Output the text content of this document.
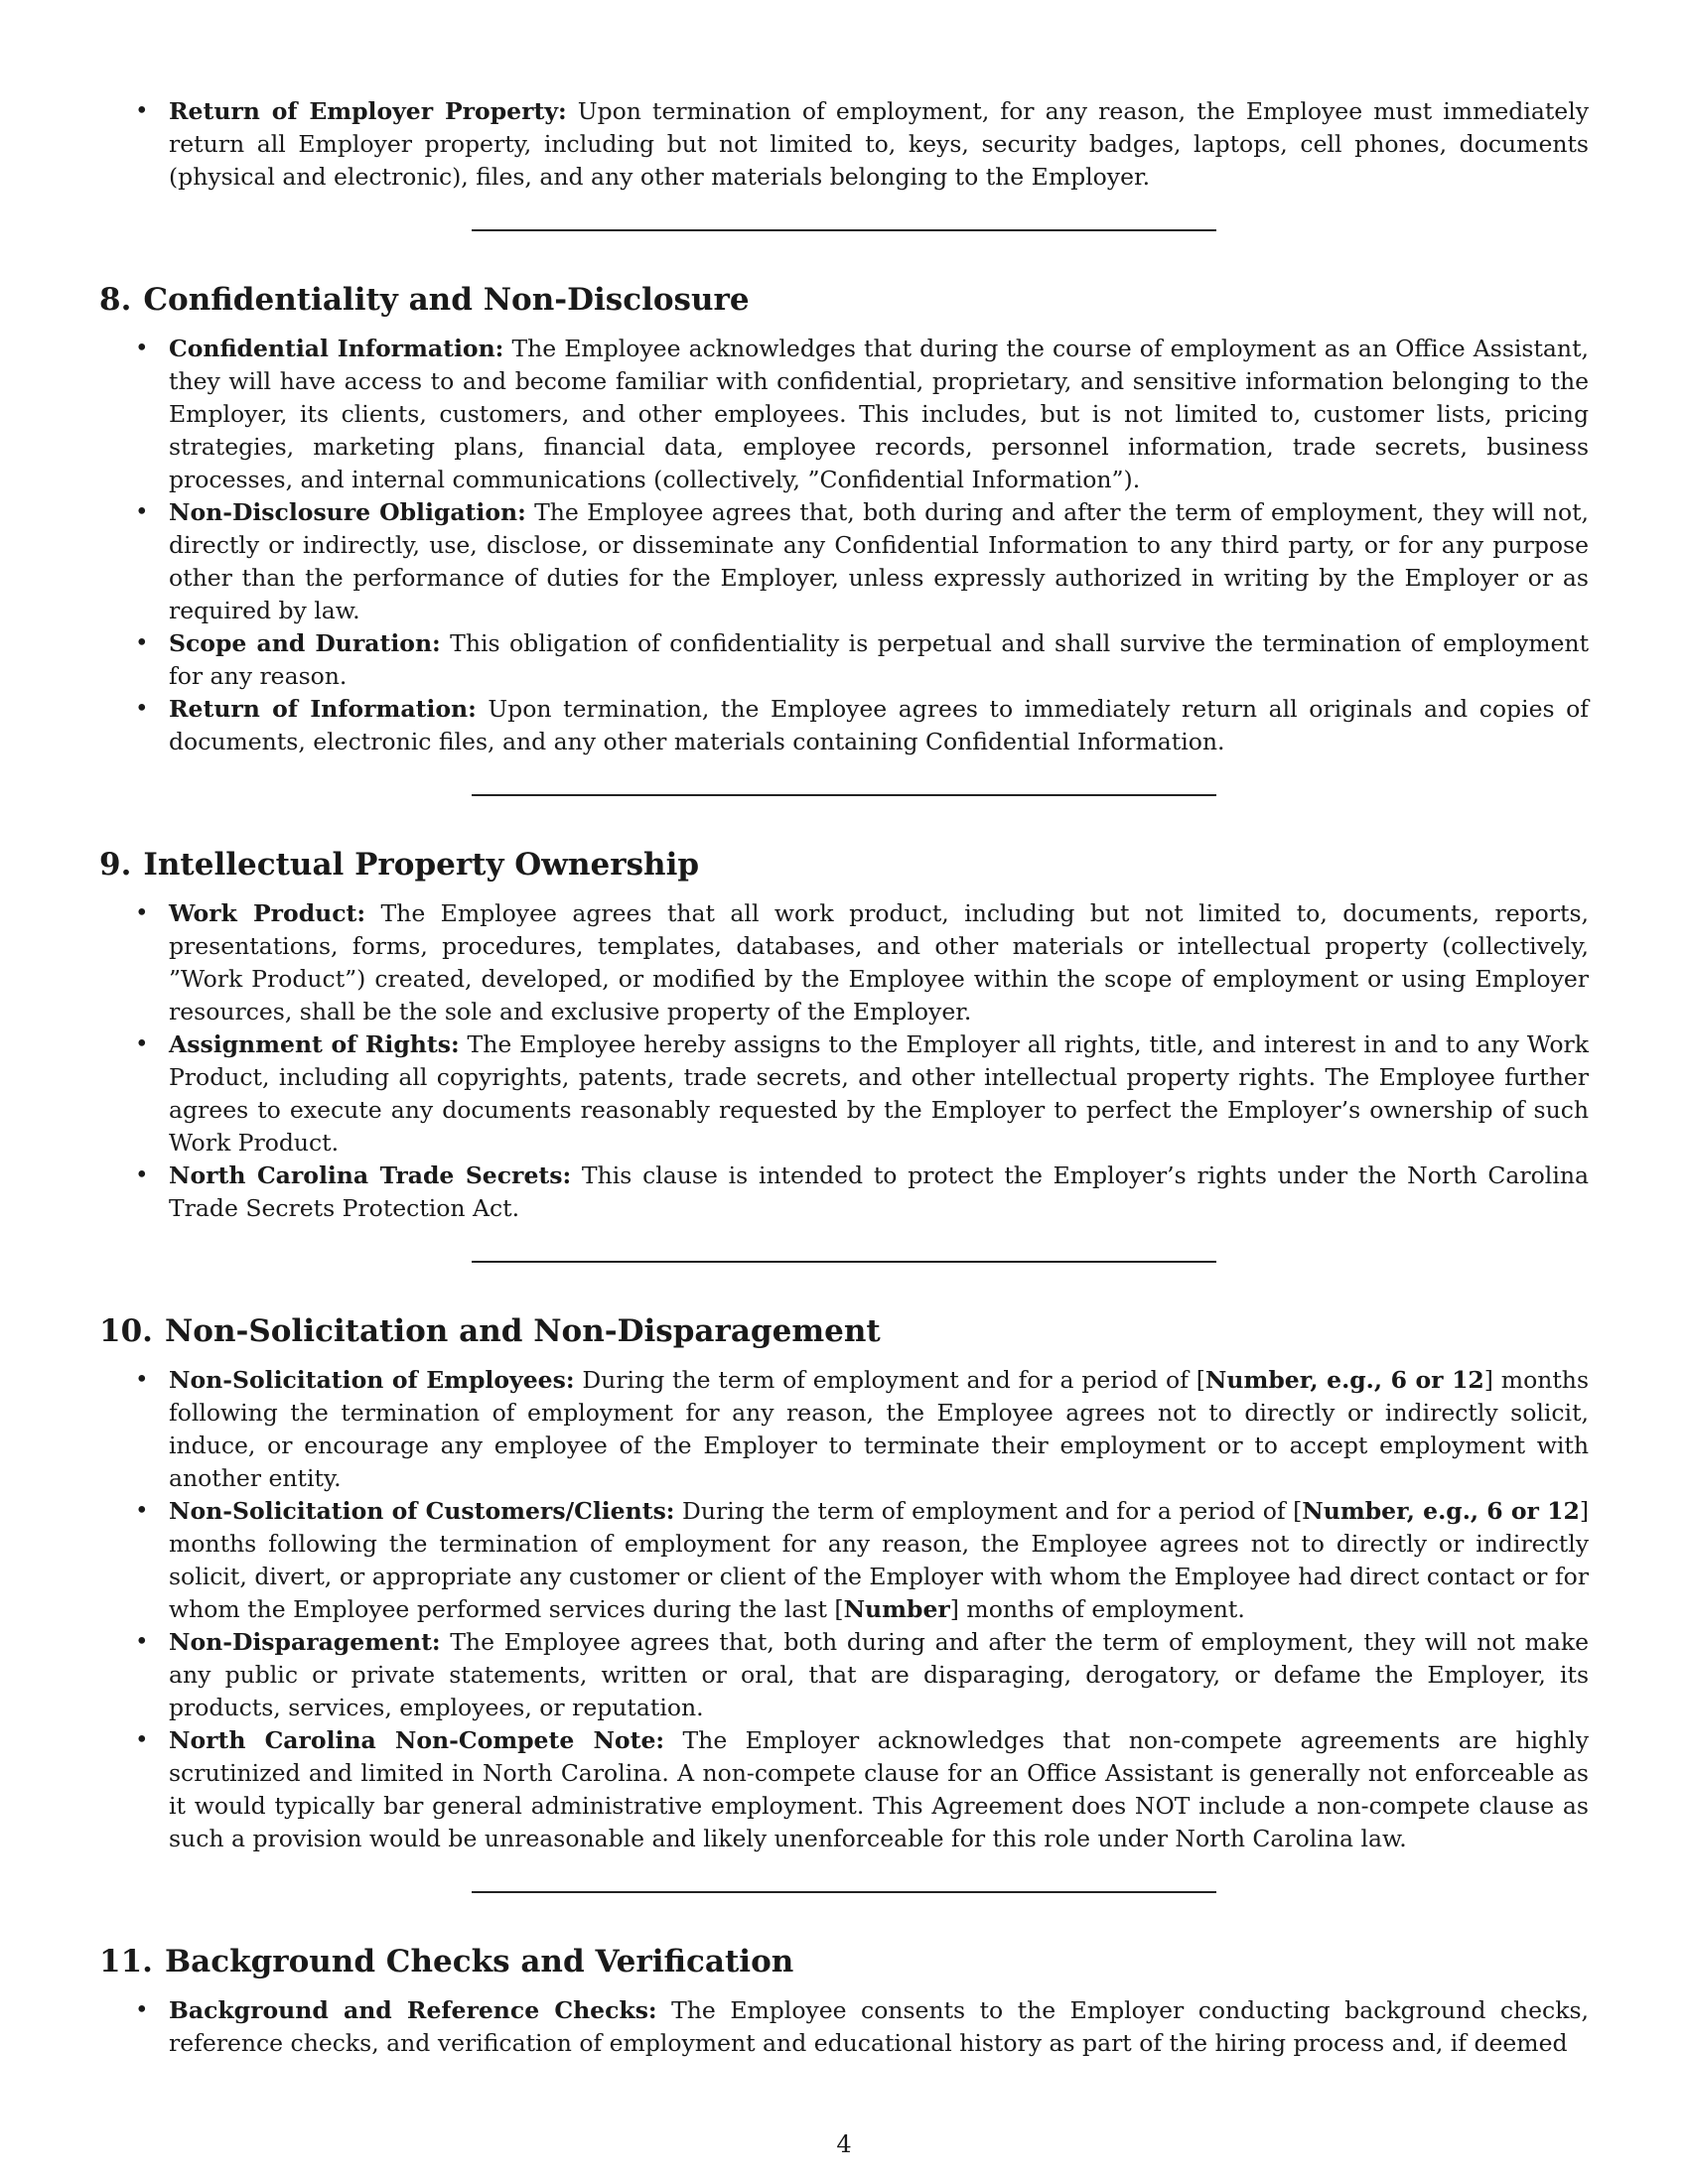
• Return of Employer Property: Upon termination of employment, for any reason, the Employee must immediately return all Employer property, including but not limited to, keys, security badges, laptops, cell phones, documents (physical and electronic), files, and any other materials belonging to the Employer.
8. Confidentiality and Non-Disclosure
• Confidential Information: The Employee acknowledges that during the course of employment as an Office Assistant, they will have access to and become familiar with confidential, proprietary, and sensitive information belonging to the Employer, its clients, customers, and other employees. This includes, but is not limited to, customer lists, pricing strategies, marketing plans, financial data, employee records, personnel information, trade secrets, business processes, and internal communications (collectively, ”Confidential Information”).
• Non-Disclosure Obligation: The Employee agrees that, both during and after the term of employment, they will not, directly or indirectly, use, disclose, or disseminate any Confidential Information to any third party, or for any purpose other than the performance of duties for the Employer, unless expressly authorized in writing by the Employer or as required by law.
• Scope and Duration: This obligation of confidentiality is perpetual and shall survive the termination of employment for any reason.
• Return of Information: Upon termination, the Employee agrees to immediately return all originals and copies of documents, electronic files, and any other materials containing Confidential Information.
9. Intellectual Property Ownership
• Work Product: The Employee agrees that all work product, including but not limited to, documents, reports, presentations, forms, procedures, templates, databases, and other materials or intellectual property (collectively, ”Work Product”) created, developed, or modified by the Employee within the scope of employment or using Employer resources, shall be the sole and exclusive property of the Employer.
• Assignment of Rights: The Employee hereby assigns to the Employer all rights, title, and interest in and to any Work Product, including all copyrights, patents, trade secrets, and other intellectual property rights. The Employee further agrees to execute any documents reasonably requested by the Employer to perfect the Employer’s ownership of such Work Product.
• North Carolina Trade Secrets: This clause is intended to protect the Employer’s rights under the North Carolina Trade Secrets Protection Act.
10. Non-Solicitation and Non-Disparagement
• Non-Solicitation of Employees: During the term of employment and for a period of [Number, e.g., 6 or 12] months following the termination of employment for any reason, the Employee agrees not to directly or indirectly solicit, induce, or encourage any employee of the Employer to terminate their employment or to accept employment with another entity.
• Non-Solicitation of Customers/Clients: During the term of employment and for a period of [Number, e.g., 6 or 12] months following the termination of employment for any reason, the Employee agrees not to directly or indirectly solicit, divert, or appropriate any customer or client of the Employer with whom the Employee had direct contact or for whom the Employee performed services during the last [Number] months of employment.
• Non-Disparagement: The Employee agrees that, both during and after the term of employment, they will not make any public or private statements, written or oral, that are disparaging, derogatory, or defame the Employer, its products, services, employees, or reputation.
• North Carolina Non-Compete Note: The Employer acknowledges that non-compete agreements are highly scrutinized and limited in North Carolina. A non-compete clause for an Office Assistant is generally not enforceable as it would typically bar general administrative employment. This Agreement does NOT include a non-compete clause as such a provision would be unreasonable and likely unenforceable for this role under North Carolina law.
11. Background Checks and Verification
• Background and Reference Checks: The Employee consents to the Employer conducting background checks, reference checks, and verification of employment and educational history as part of the hiring process and, if deemed
4
